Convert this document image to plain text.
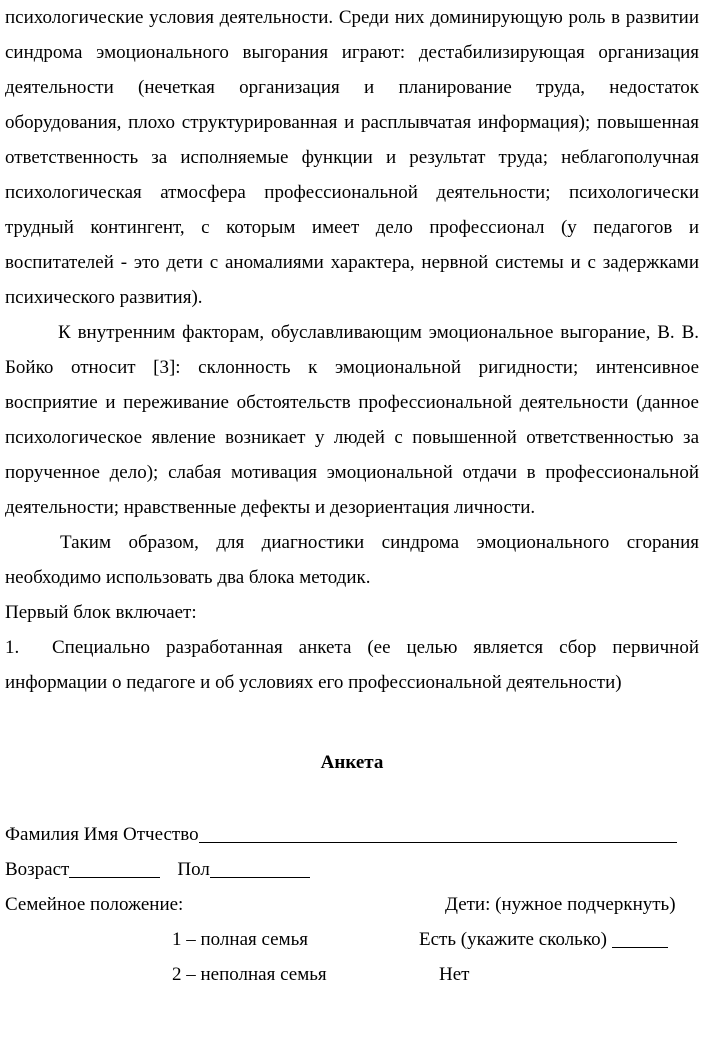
психологические условия деятельности. Среди них доминирующую роль в развитии синдрома эмоционального выгорания играют: дестабилизирующая организация деятельности (нечеткая организация и планирование труда, недостаток оборудования, плохо структурированная и расплывчатая информация); повышенная ответственность за исполняемые функции и результат труда; неблагополучная психологическая атмосфера профессиональной деятельности; психологически трудный контингент, с которым имеет дело профессионал (у педагогов и воспитателей - это дети с аномалиями характера, нервной системы и с задержками психического развития).

К внутренним факторам, обуславливающим эмоциональное выгорание, В. В. Бойко относит [3]: склонность к эмоциональной ригидности; интенсивное восприятие и переживание обстоятельств профессиональной деятельности (данное психологическое явление возникает у людей с повышенной ответственностью за порученное дело); слабая мотивация эмоциональной отдачи в профессиональной деятельности; нравственные дефекты и дезориентация личности.

Таким образом, для диагностики синдрома эмоционального сгорания необходимо использовать два блока методик.

Первый блок включает:

1. Специально разработанная анкета (ее целью является сбор первичной информации о педагоге и об условиях его профессиональной деятельности)

Анкета

Фамилия Имя Отчество
Возраст	Пол
Семейное положение:	Дети: (нужное подчеркнуть)
1 – полная семья	Есть (укажите сколько)
2 – неполная семья	Нет
